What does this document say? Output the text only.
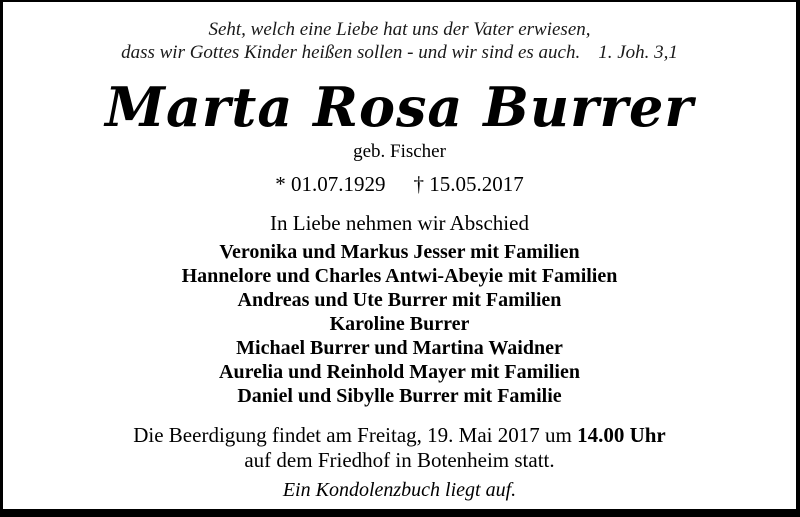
Seht, welch eine Liebe hat uns der Vater erwiesen,
dass wir Gottes Kinder heißen sollen - und wir sind es auch. 1. Joh. 3,1
Marta Rosa Burrer
geb. Fischer
* 01.07.1929 † 15.05.2017
In Liebe nehmen wir Abschied
Veronika und Markus Jesser mit Familien
Hannelore und Charles Antwi-Abeyie mit Familien
Andreas und Ute Burrer mit Familien
Karoline Burrer
Michael Burrer und Martina Waidner
Aurelia und Reinhold Mayer mit Familien
Daniel und Sibylle Burrer mit Familie
Die Beerdigung findet am Freitag, 19. Mai 2017 um 14.00 Uhr
auf dem Friedhof in Botenheim statt.
Ein Kondolenzbuch liegt auf.
